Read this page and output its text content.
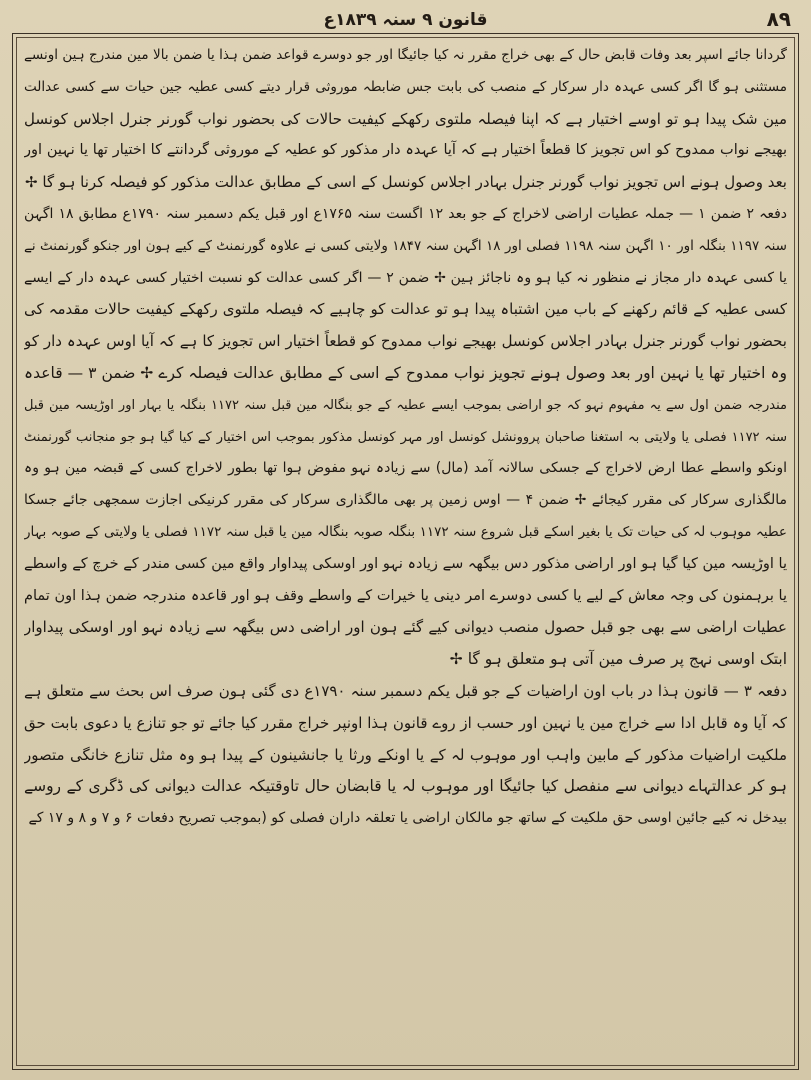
۸۹
قانون ۹ سنہ ۱۸۳۹ع
گردانا جائے اسپر بعد وفات قابض حال کے بھی خراج مقرر نہ کیا جائیگا اور جو دوسرے قواعد ضمن ہذا یا ضمن بالا مین مندرج ہین اونسے
مستثنی ہو گا اگر کسی عہدہ دار سرکار کے منصب کی بابت جس ضابطہ موروثی قرار دیتے کسی عطیہ جین حیات سے کسی عدالت
مین شک پیدا ہو تو اوسے اختیار ہے کہ اپنا فیصلہ ملتوی رکھکے کیفیت حالات کی بحضور نواب گورنر جنرل اجلاس کونسل
بھیجے نواب ممدوح کو اس تجویز کا قطعاً اختیار ہے کہ آیا عہدہ دار مذکور کو عطیہ کے موروثی گردانتے کا اختیار تھا یا نہین اور
بعد وصول ہونے اس تجویز نواب گورنر جنرل بہادر اجلاس کونسل کے اسی کے مطابق عدالت مذکور کو فیصلہ کرنا ہو گا ✢
دفعہ ۲ ضمن ۱ — جملہ عطیات اراضی لاخراج کے جو بعد ۱۲ اگست سنہ ۱۷۶۵ع اور قبل یکم دسمبر سنہ ۱۷۹۰ع مطابق ۱۸ اگہن
سنہ ۱۱۹۷ بنگلہ اور ۱۰ اگہن سنہ ۱۱۹۸ فصلی اور ۱۸ اگہن سنہ ۱۸۴۷ ولایتی کسی نے علاوہ گورنمنٹ کے کیے ہون اور جنکو گورنمنٹ نے
یا کسی عہدہ دار مجاز نے منظور نہ کیا ہو وہ ناجائز ہین ✢ ضمن ۲ — اگر کسی عدالت کو نسبت اختیار کسی عہدہ دار کے ایسے
کسی عطیہ کے قائم رکھنے کے باب مین اشتباہ پیدا ہو تو عدالت کو چاہیے کہ فیصلہ ملتوی رکھکے کیفیت حالات مقدمہ کی
بحضور نواب گورنر جنرل بہادر اجلاس کونسل بھیجے نواب ممدوح کو قطعاً اختیار اس تجویز کا ہے کہ آیا اوس عہدہ دار کو
وہ اختیار تھا یا نہین اور بعد وصول ہونے تجویز نواب ممدوح کے اسی کے مطابق عدالت فیصلہ کرے ✢ ضمن ۳ — قاعدہ
مندرجہ ضمن اول سے یہ مفہوم نہو کہ جو اراضی بموجب ایسے عطیہ کے جو بنگالہ مین قبل سنہ ۱۱۷۲ بنگلہ یا بہار اور اوڑیسہ مین قبل
سنہ ۱۱۷۲ فصلی یا ولایتی بہ استغنا صاحبان پروونشل کونسل اور مہر کونسل مذکور بموجب اس اختیار کے کیا گیا ہو جو منجانب گورنمنٹ
اونکو واسطے عطا ارض لاخراج کے جسکی سالانہ آمد (مال) سے زیادہ نہو مفوض ہوا تھا بطور لاخراج کسی کے قبضہ مین ہو وہ
مالگذاری سرکار کی مقرر کیجائے ✢ ضمن ۴ — اوس زمین پر بھی مالگذاری سرکار کی مقرر کرنیکی اجازت سمجھی جائے جسکا
عطیہ موہوب لہ کی حیات تک یا بغیر اسکے قبل شروع سنہ ۱۱۷۲ بنگلہ صوبہ بنگالہ مین یا قبل سنہ ۱۱۷۲ فصلی یا ولایتی کے صوبہ بہار
یا اوڑیسہ مین کیا گیا ہو اور اراضی مذکور دس بیگھہ سے زیادہ نہو اور اوسکی پیداوار واقع مین کسی مندر کے خرچ کے واسطے
یا برہمنون کی وجہ معاش کے لیے یا کسی دوسرے امر دینی یا خیرات کے واسطے وقف ہو اور قاعدہ مندرجہ ضمن ہذا اون تمام
عطیات اراضی سے بھی جو قبل حصول منصب دیوانی کیے گئے ہون اور اراضی دس بیگھہ سے زیادہ نہو اور اوسکی پیداوار
ابتک اوسی نہج پر صرف مین آتی ہو متعلق ہو گا ✢
دفعہ ۳ — قانون ہذا در باب اون اراضیات کے جو قبل یکم دسمبر سنہ ۱۷۹۰ع دی گئی ہون صرف اس بحث سے متعلق ہے
کہ آیا وہ قابل ادا سے خراج مین یا نہین اور حسب از روے قانون ہذا اونپر خراج مقرر کیا جائے تو جو تنازع یا دعوی بابت حق
ملکیت اراضیات مذکور کے مابین واہب اور موہوب لہ کے یا اونکے ورثا یا جانشینون کے پیدا ہو وہ مثل تنازع خانگی متصور
ہو کر عدالتہاے دیوانی سے منفصل کیا جائیگا اور موہوب لہ یا قابضان حال تاوقتیکہ عدالت دیوانی کی ڈگری کے روسے
بیدخل نہ کیے جائین اوسی حق ملکیت کے ساتھ جو مالکان اراضی یا تعلقہ داران فصلی کو (بموجب تصریح دفعات ۶ و ۷ و ۸ و ۱۷ کے
